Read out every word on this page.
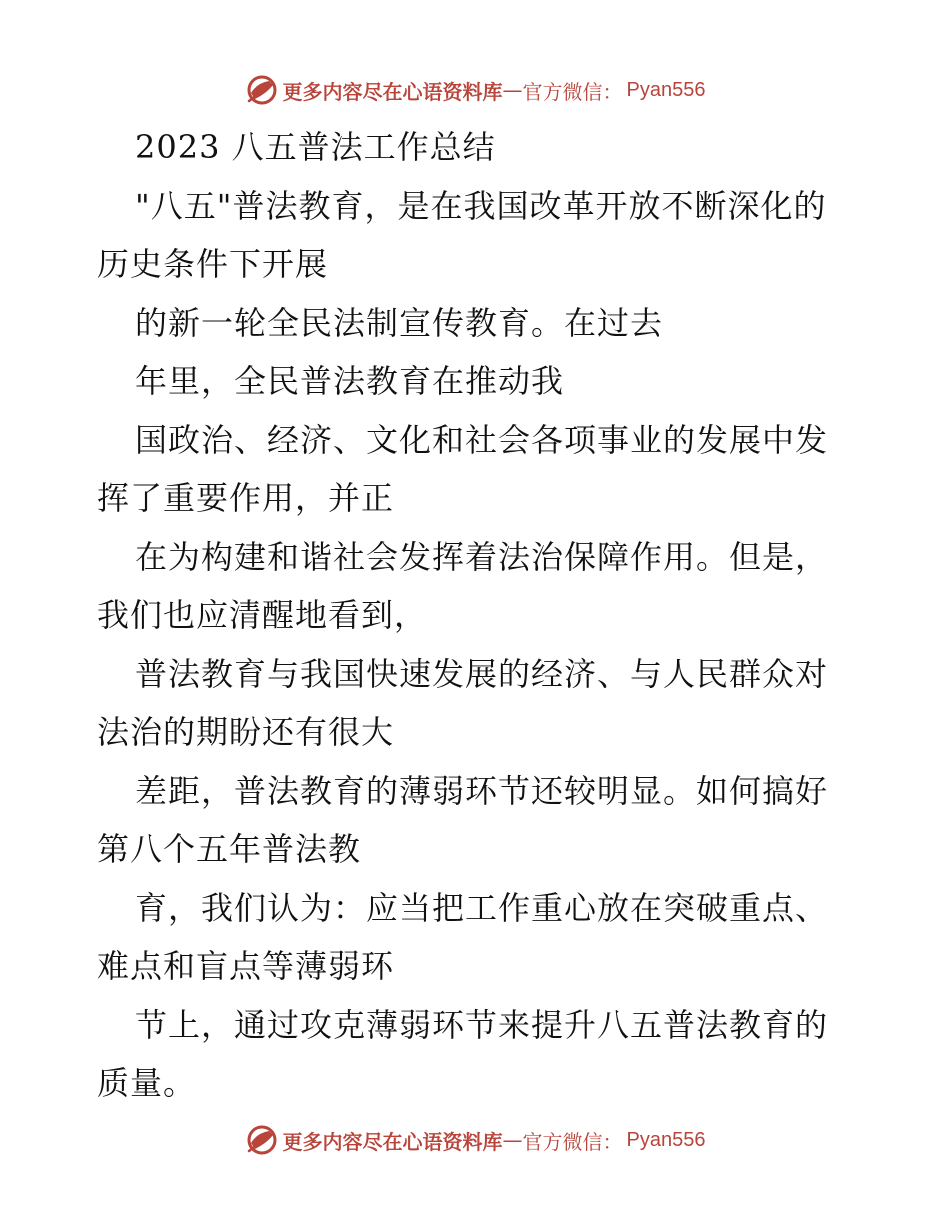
更多内容尽在心语资料库 — 官方微信： Pyan556
2023 八五普法工作总结
"八五"普法教育，是在我国改革开放不断深化的
历史条件下开展
的新一轮全民法制宣传教育。在过去
年里，全民普法教育在推动我
国政治、经济、文化和社会各项事业的发展中发
挥了重要作用，并正
在为构建和谐社会发挥着法治保障作用。但是，
我们也应清醒地看到，
普法教育与我国快速发展的经济、与人民群众对
法治的期盼还有很大
差距，普法教育的薄弱环节还较明显。如何搞好
第八个五年普法教
育，我们认为：应当把工作重心放在突破重点、
难点和盲点等薄弱环
节上，通过攻克薄弱环节来提升八五普法教育的
质量。
更多内容尽在心语资料库 — 官方微信： Pyan556
